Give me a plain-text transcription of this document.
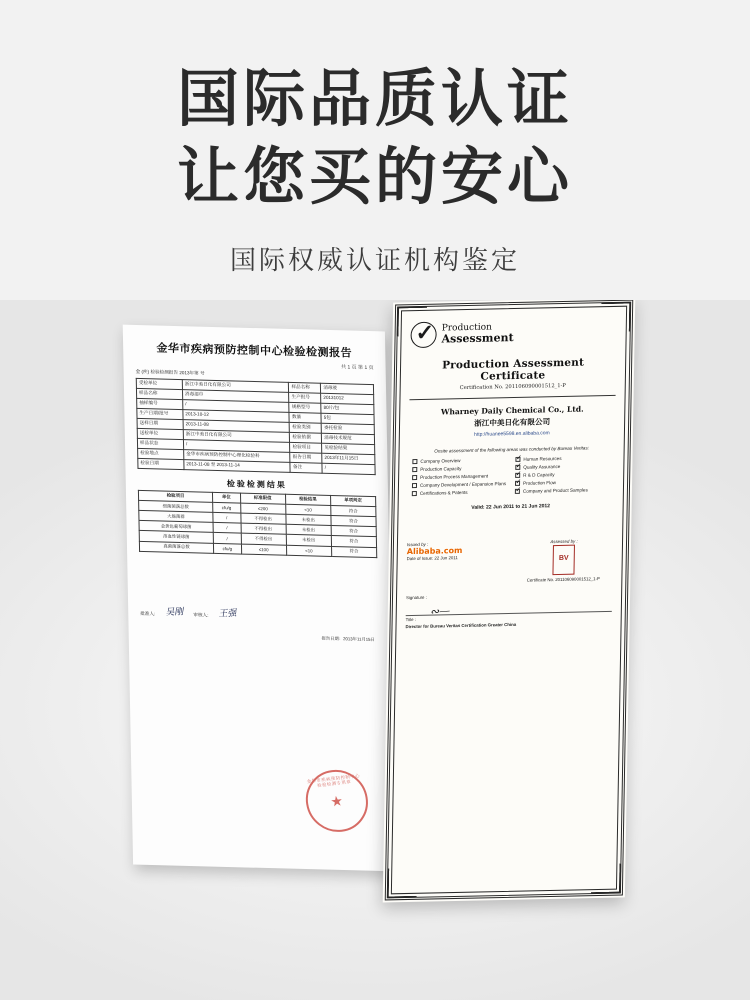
国际品质认证
让您买的安心
国际权威认证机构鉴定
金华市疾病预防控制中心检验检测报告
共 1 页 第 1 页
金 (疾) 检验检测报告 2013年第 号
受检单位	浙江中美日化有限公司	样品名称	消毒液
样品名称	消毒湿巾	生产批号	20131012
抽样编号	/	规格型号	80片/包
生产日期/批号	2013-10-12	数量	5包
送样日期	2013-11-08	检验类别	委托检验
送检单位	浙江中美日化有限公司	检验依据	消毒技术规范
样品状态	/	检验项目	见检验结果
检验地点	金华市疾病预防控制中心理化检验科	报告日期	2013年11月15日
检验日期	2013-11-08 至 2013-11-14	备注	/
检验检测结果
检验项目	单位	标准限值	检验结果	单项判定
细菌菌落总数	cfu/g	≤200	<10	符合
大肠菌群	/	不得检出	未检出	符合
金黄色葡萄球菌	/	不得检出	未检出	符合
溶血性链球菌	/	不得检出	未检出	符合
真菌菌落总数	cfu/g	≤100	<10	符合
批准人: 吴刚 审核人: 王强
报告日期：2013年11月15日
★
金华市疾病预防控制中心检验检测专用章
✓
Production
Assessment
Production Assessment Certificate
Certification No. 201106090001512_1-P
Wharney Daily Chemical Co., Ltd.
浙江中美日化有限公司
http://huanee5598.en.alibaba.com
Onsite assessment of the following areas was conducted by Bureau Veritas:
Company Overview ✓	Human Resources
Production Capacity ✓	Quality Assurance
Production Process Management ✓	R & D Capacity
Company Development / Expansion Plans ✓	Production Flow
Certifications & Patents ✓	Company and Product Samples
Valid: 22 Jun 2011 to 21 Jun 2012
Issued by :
Alibaba.com
Date of Issue: 22 Jun 2011
Assessed by :
BV
Certificate No. 201106090001512_1-P
Signature :
∾—
Title :
Director for Bureau Veritas Certification Greater China
